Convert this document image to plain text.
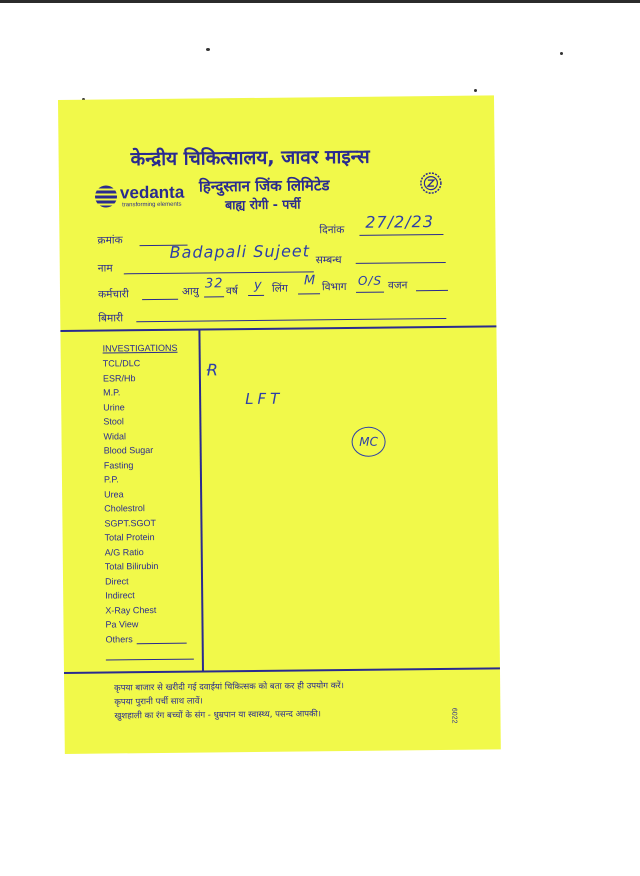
केन्द्रीय चिकित्सालय, जावर माइन्स
vedanta
transforming elements
हिन्दुस्तान जिंक लिमिटेड
बाह्य रोगी - पर्ची
क्रमांक
दिनांक 27/2/23
नाम
Badapali Sujeet सम्बन्ध
कर्मचारी	आयु
32 वर्ष y लिंग
M विभाग O/S वजन
बिमारी
INVESTIGATIONS
TCL/DLC
ESR/Hb
M.P.
Urine
Stool
Widal
Blood Sugar
Fasting
P.P.
Urea
Cholestrol
SGPT.SGOT
Total Protein
A/G Ratio
Total Bilirubin
Direct
Indirect
X-Ray Chest
Pa View
Others
Ɍ
LFT
MC
कृपया बाजार से खरीदी गई दवाईयां चिकित्सक को बता कर ही उपयोग करें।
कृपया पुरानी पर्ची साथ लावें।
खुशहाली का रंग बच्चों के संग - धुम्रपान या स्वास्थ्य, पसन्द आपकी।	6022
